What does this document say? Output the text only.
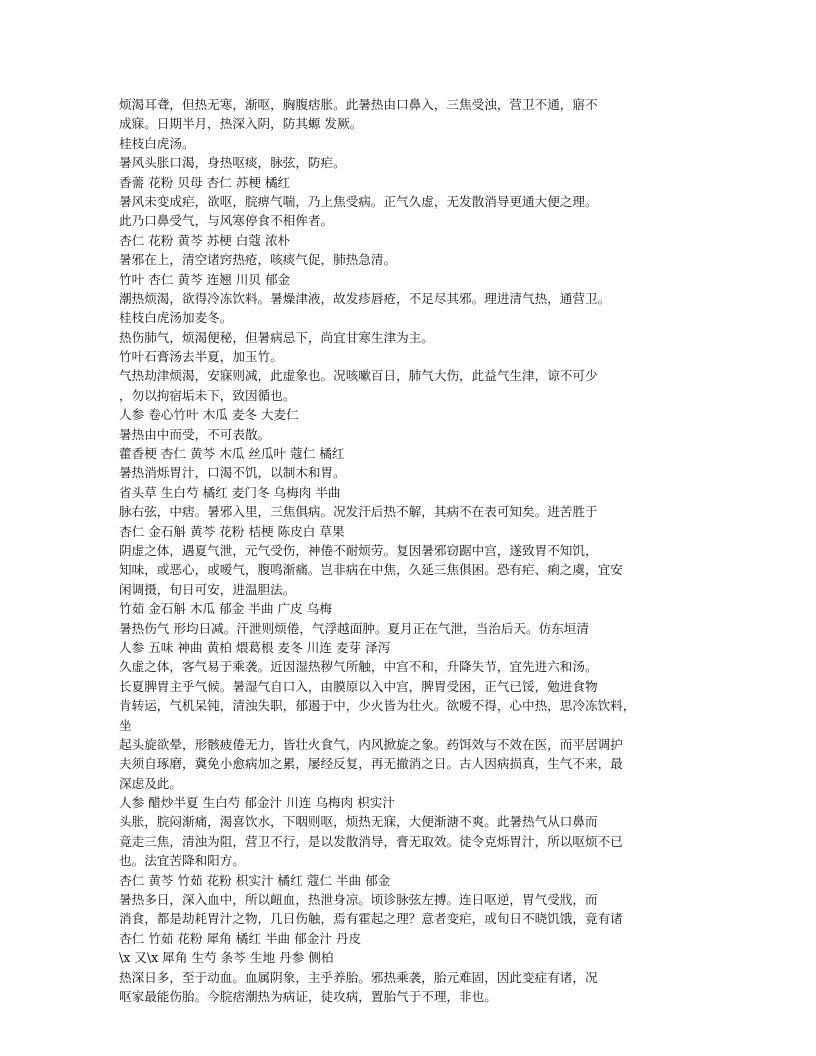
烦渴耳聋，但热无寒，渐呕，胸腹痞胀。此暑热由口鼻入，三焦受浊，营卫不通，寤不
成寐。日期半月，热深入阴，防其螈 发厥。
桂枝白虎汤。
暑风头胀口渴，身热呕痰，脉弦，防疟。
香薷 花粉 贝母 杏仁 苏梗 橘红
暑风未变成疟，欲呕，脘痹气喘，乃上焦受病。正气久虚，无发散消导更通大便之理。
此乃口鼻受气，与风寒停食不相侔者。
杏仁 花粉 黄芩 苏梗 白蔻 浓朴
暑邪在上，清空诸窍热疮，咳痰气促，肺热急清。
竹叶 杏仁 黄芩 连翘 川贝 郁金
潮热烦渴，欲得冷冻饮料。暑燥津液，故发疹唇疮，不足尽其邪。理进清气热，通营卫。
桂枝白虎汤加麦冬。
热伤肺气，烦渴便秘，但暑病忌下，尚宜甘寒生津为主。
竹叶石膏汤去半夏，加玉竹。
气热劫津烦渴，安寐则减，此虚象也。况咳嗽百日，肺气大伤，此益气生津，谅不可少
，勿以拘宿垢未下，致因循也。
人参 卷心竹叶 木瓜 麦冬 大麦仁
暑热由中而受，不可表散。
藿香梗 杏仁 黄芩 木瓜 丝瓜叶 蔻仁 橘红
暑热消烁胃汁，口渴不饥，以制木和胃。
省头草 生白芍 橘红 麦门冬 乌梅肉 半曲
脉右弦，中痞。暑邪入里，三焦俱病。况发汗后热不解，其病不在表可知矣。进苦胜于
杏仁 金石斛 黄芩 花粉 桔梗 陈皮白 草果
阴虚之体，遇夏气泄，元气受伤，神倦不耐烦劳。复因暑邪窃踞中宫，遂致胃不知饥，
知味，或恶心，或嗳气，腹鸣渐痛。岂非病在中焦，久延三焦俱困。恐有疟、痢之虞，宜安
闲调摄，旬日可安，进温胆法。
竹茹 金石斛 木瓜 郁金 半曲 广皮 乌梅
暑热伤气 形均日减。汗泄则烦倦，气浮越面肿。夏月正在气泄，当治后天。仿东垣清
人参 五味 神曲 黄柏 煨葛根 麦冬 川连 麦芽 泽泻
久虚之体，客气易于乘袭。近因湿热秽气所触，中宫不和，升降失节，宜先进六和汤。
长夏脾胃主乎气候。暑湿气自口入，由膜原以入中宫，脾胃受困，正气已馁，勉进食物
肯转运，气机呆钝，清浊失职，郁遏于中，少火皆为壮火。欲嗳不得，心中热，思冷冻饮料，
坐
起头旋欲晕，形骸疲倦无力，皆壮火食气，内风掀旋之象。药饵效与不效在医，而平居调护
夫须自琢磨，冀免小愈病加之累，屡经反复，再无撤消之日。古人因病损真，生气不来，最
深虑及此。
人参 醋炒半夏 生白芍 郁金汁 川连 乌梅肉 枳实汁
头胀，脘闷渐痛，渴喜饮水，下咽则呕，烦热无寐，大便渐溏不爽。此暑热气从口鼻而
竟走三焦，清浊为阻，营卫不行，是以发散消导，膏无取效。徒令克烁胃汁，所以呕烦不已
也。法宜苦降和阳方。
杏仁 黄芩 竹茹 花粉 枳实汁 橘红 蔻仁 半曲 郁金
暑热多日，深入血中，所以衄血，热泄身凉。顷诊脉弦左搏。连日呕逆，胃气受戕，而
消食，都是劫耗胃汁之物，几日伤触，焉有霍起之理？意者变疟，或旬日不晓饥饿，竟有诸
杏仁 竹茹 花粉 犀角 橘红 半曲 郁金汁 丹皮
\x 又\x 犀角 生芍 条芩 生地 丹参 侧柏
热深日多，至于动血。血属阴象，主乎养胎。邪热乘袭，胎元难固，因此变症有诸，况
呕家最能伤胎。今脘痞潮热为病证，徒攻病，置胎气于不理，非也。
